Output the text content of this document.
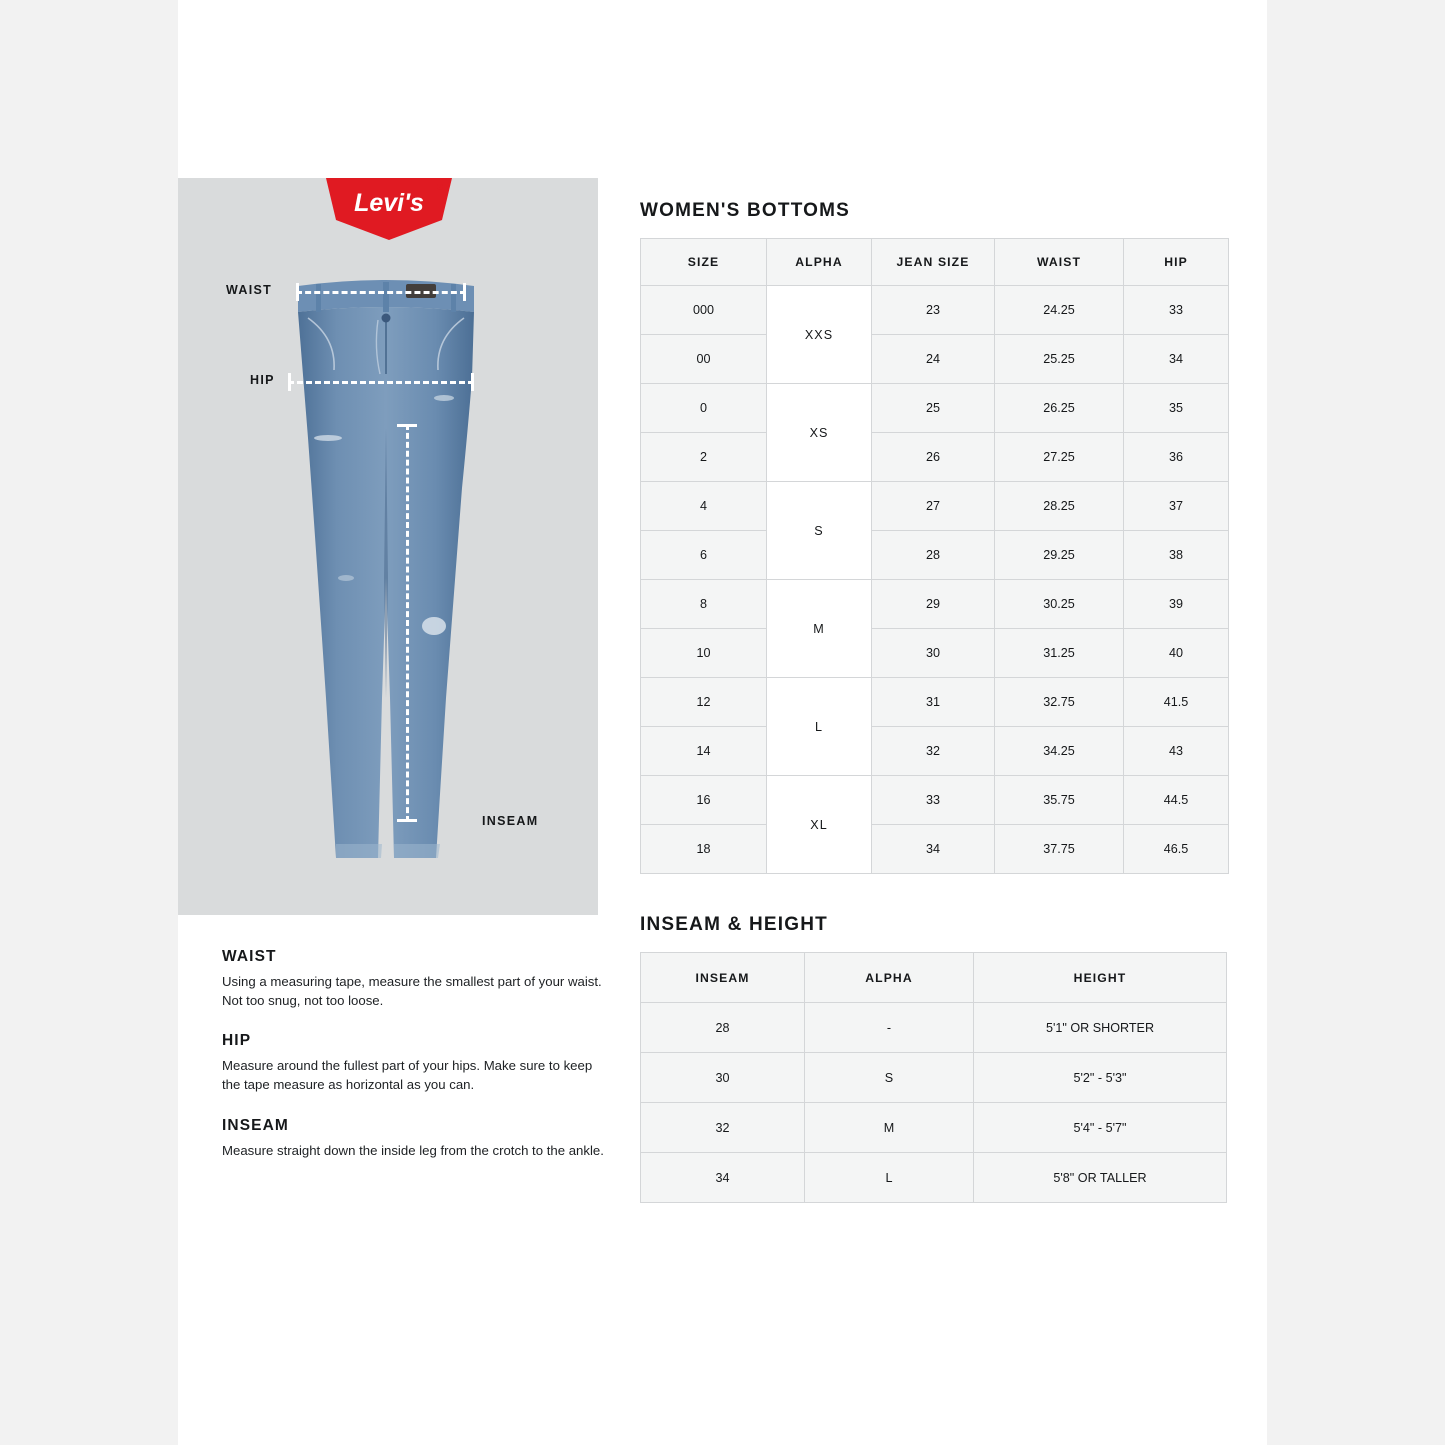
Levi's
®
WAIST
HIP
INSEAM
WAIST

Using a measuring tape, measure the smallest part of your waist. Not too snug, not too loose.

HIP

Measure around the fullest part of your hips. Make sure to keep the tape measure as horizontal as you can.

INSEAM

Measure straight down the inside leg from the crotch to the ankle.

WOMEN'S BOTTOMS
SIZE	ALPHA	JEAN SIZE	WAIST	HIP
000	XXS	23	24.25	33
00		24	25.25	34
0	XS	25	26.25	35
2		26	27.25	36
4	S	27	28.25	37
6		28	29.25	38
8	M	29	30.25	39
10		30	31.25	40
12	L	31	32.75	41.5
14		32	34.25	43
16	XL	33	35.75	44.5
18		34	37.75	46.5
INSEAM & HEIGHT
INSEAM	ALPHA	HEIGHT
28	-	5'1" OR SHORTER
30	S	5'2" - 5'3"
32	M	5'4" - 5'7"
34	L	5'8" OR TALLER
